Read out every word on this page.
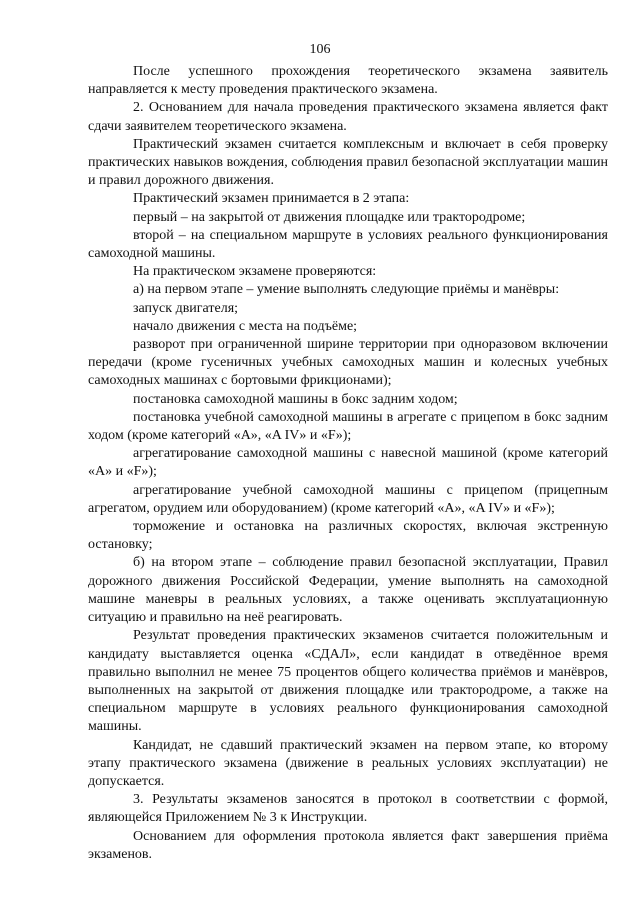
106

После успешного прохождения теоретического экзамена заявитель направляется к месту проведения практического экзамена.

2. Основанием для начала проведения практического экзамена является факт сдачи заявителем теоретического экзамена.

Практический экзамен считается комплексным и включает в себя проверку практических навыков вождения, соблюдения правил безопасной эксплуатации машин и правил дорожного движения.

Практический экзамен принимается в 2 этапа:

первый – на закрытой от движения площадке или трактородроме;

второй – на специальном маршруте в условиях реального функционирования самоходной машины.

На практическом экзамене проверяются:

а) на первом этапе – умение выполнять следующие приёмы и манёвры:

запуск двигателя;

начало движения с места на подъёме;

разворот при ограниченной ширине территории при одноразовом включении передачи (кроме гусеничных учебных самоходных машин и колесных учебных самоходных машинах с бортовыми фрикционами);

постановка самоходной машины в бокс задним ходом;

постановка учебной самоходной машины в агрегате с прицепом в бокс задним ходом (кроме категорий «А», «A IV» и «F»);

агрегатирование самоходной машины с навесной машиной (кроме категорий «А» и «F»);

агрегатирование учебной самоходной машины с прицепом (прицепным агрегатом, орудием или оборудованием) (кроме категорий «А», «A IV» и «F»);

торможение и остановка на различных скоростях, включая экстренную остановку;

б) на втором этапе – соблюдение правил безопасной эксплуатации, Правил дорожного движения Российской Федерации, умение выполнять на самоходной машине маневры в реальных условиях, а также оценивать эксплуатационную ситуацию и правильно на неё реагировать.

Результат проведения практических экзаменов считается положительным и кандидату выставляется оценка «СДАЛ», если кандидат в отведённое время правильно выполнил не менее 75 процентов общего количества приёмов и манёвров, выполненных на закрытой от движения площадке или трактородроме, а также на специальном маршруте в условиях реального функционирования самоходной машины.

Кандидат, не сдавший практический экзамен на первом этапе, ко второму этапу практического экзамена (движение в реальных условиях эксплуатации) не допускается.

3. Результаты экзаменов заносятся в протокол в соответствии с формой, являющейся Приложением № 3 к Инструкции.

Основанием для оформления протокола является факт завершения приёма экзаменов.
